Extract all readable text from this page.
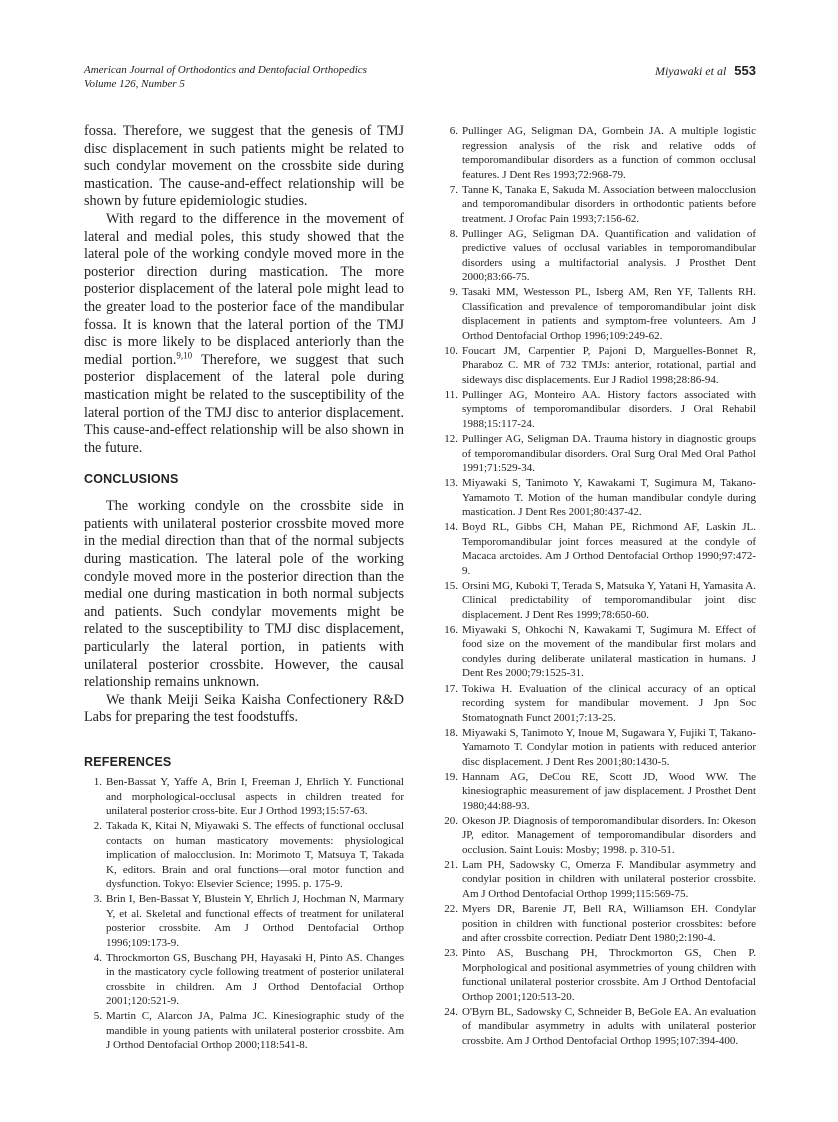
American Journal of Orthodontics and Dentofacial Orthopedics
Volume 126, Number 5
Miyawaki et al 553

fossa. Therefore, we suggest that the genesis of TMJ disc displacement in such patients might be related to such condylar movement on the crossbite side during mastication. The cause-and-effect relationship will be shown by future epidemiologic studies.

With regard to the difference in the movement of lateral and medial poles, this study showed that the lateral pole of the working condyle moved more in the posterior direction during mastication. The more posterior displacement of the lateral pole might lead to the greater load to the posterior face of the mandibular fossa. It is known that the lateral portion of the TMJ disc is more likely to be displaced anteriorly than the medial portion.$^{9,10}$ Therefore, we suggest that such posterior displacement of the lateral pole during mastication might be related to the susceptibility of the lateral portion of the TMJ disc to anterior displacement. This cause-and-effect relationship will be also shown in the future.

CONCLUSIONS

The working condyle on the crossbite side in patients with unilateral posterior crossbite moved more in the medial direction than that of the normal subjects during mastication. The lateral pole of the working condyle moved more in the posterior direction than the medial one during mastication in both normal subjects and patients. Such condylar movements might be related to the susceptibility to TMJ disc displacement, particularly the lateral portion, in patients with unilateral posterior crossbite. However, the causal relationship remains unknown.

We thank Meiji Seika Kaisha Confectionery R&D Labs for preparing the test foodstuffs.

REFERENCES
1. Ben-Bassat Y, Yaffe A, Brin I, Freeman J, Ehrlich Y. Functional and morphological-occlusal aspects in children treated for unilateral posterior cross-bite. Eur J Orthod 1993;15:57-63.
2. Takada K, Kitai N, Miyawaki S. The effects of functional occlusal contacts on human masticatory movements: physiological implication of malocclusion. In: Morimoto T, Matsuya T, Takada K, editors. Brain and oral functions—oral motor function and dysfunction. Tokyo: Elsevier Science; 1995. p. 175-9.
3. Brin I, Ben-Bassat Y, Blustein Y, Ehrlich J, Hochman N, Marmary Y, et al. Skeletal and functional effects of treatment for unilateral posterior crossbite. Am J Orthod Dentofacial Orthop 1996;109:173-9.
4. Throckmorton GS, Buschang PH, Hayasaki H, Pinto AS. Changes in the masticatory cycle following treatment of posterior unilateral crossbite in children. Am J Orthod Dentofacial Orthop 2001;120:521-9.
5. Martin C, Alarcon JA, Palma JC. Kinesiographic study of the mandible in young patients with unilateral posterior crossbite. Am J Orthod Dentofacial Orthop 2000;118:541-8.
6. Pullinger AG, Seligman DA, Gornbein JA. A multiple logistic regression analysis of the risk and relative odds of temporomandibular disorders as a function of common occlusal features. J Dent Res 1993;72:968-79.
7. Tanne K, Tanaka E, Sakuda M. Association between malocclusion and temporomandibular disorders in orthodontic patients before treatment. J Orofac Pain 1993;7:156-62.
8. Pullinger AG, Seligman DA. Quantification and validation of predictive values of occlusal variables in temporomandibular disorders using a multifactorial analysis. J Prosthet Dent 2000;83:66-75.
9. Tasaki MM, Westesson PL, Isberg AM, Ren YF, Tallents RH. Classification and prevalence of temporomandibular joint disk displacement in patients and symptom-free volunteers. Am J Orthod Dentofacial Orthop 1996;109:249-62.
10. Foucart JM, Carpentier P, Pajoni D, Marguelles-Bonnet R, Pharaboz C. MR of 732 TMJs: anterior, rotational, partial and sideways disc displacements. Eur J Radiol 1998;28:86-94.
11. Pullinger AG, Monteiro AA. History factors associated with symptoms of temporomandibular disorders. J Oral Rehabil 1988;15:117-24.
12. Pullinger AG, Seligman DA. Trauma history in diagnostic groups of temporomandibular disorders. Oral Surg Oral Med Oral Pathol 1991;71:529-34.
13. Miyawaki S, Tanimoto Y, Kawakami T, Sugimura M, Takano-Yamamoto T. Motion of the human mandibular condyle during mastication. J Dent Res 2001;80:437-42.
14. Boyd RL, Gibbs CH, Mahan PE, Richmond AF, Laskin JL. Temporomandibular joint forces measured at the condyle of Macaca arctoides. Am J Orthod Dentofacial Orthop 1990;97:472-9.
15. Orsini MG, Kuboki T, Terada S, Matsuka Y, Yatani H, Yamasita A. Clinical predictability of temporomandibular joint disc displacement. J Dent Res 1999;78:650-60.
16. Miyawaki S, Ohkochi N, Kawakami T, Sugimura M. Effect of food size on the movement of the mandibular first molars and condyles during deliberate unilateral mastication in humans. J Dent Res 2000;79:1525-31.
17. Tokiwa H. Evaluation of the clinical accuracy of an optical recording system for mandibular movement. J Jpn Soc Stomatognath Funct 2001;7:13-25.
18. Miyawaki S, Tanimoto Y, Inoue M, Sugawara Y, Fujiki T, Takano-Yamamoto T. Condylar motion in patients with reduced anterior disc displacement. J Dent Res 2001;80:1430-5.
19. Hannam AG, DeCou RE, Scott JD, Wood WW. The kinesiographic measurement of jaw displacement. J Prosthet Dent 1980;44:88-93.
20. Okeson JP. Diagnosis of temporomandibular disorders. In: Okeson JP, editor. Management of temporomandibular disorders and occlusion. Saint Louis: Mosby; 1998. p. 310-51.
21. Lam PH, Sadowsky C, Omerza F. Mandibular asymmetry and condylar position in children with unilateral posterior crossbite. Am J Orthod Dentofacial Orthop 1999;115:569-75.
22. Myers DR, Barenie JT, Bell RA, Williamson EH. Condylar position in children with functional posterior crossbites: before and after crossbite correction. Pediatr Dent 1980;2:190-4.
23. Pinto AS, Buschang PH, Throckmorton GS, Chen P. Morphological and positional asymmetries of young children with functional unilateral posterior crossbite. Am J Orthod Dentofacial Orthop 2001;120:513-20.
24. O'Byrn BL, Sadowsky C, Schneider B, BeGole EA. An evaluation of mandibular asymmetry in adults with unilateral posterior crossbite. Am J Orthod Dentofacial Orthop 1995;107:394-400.
